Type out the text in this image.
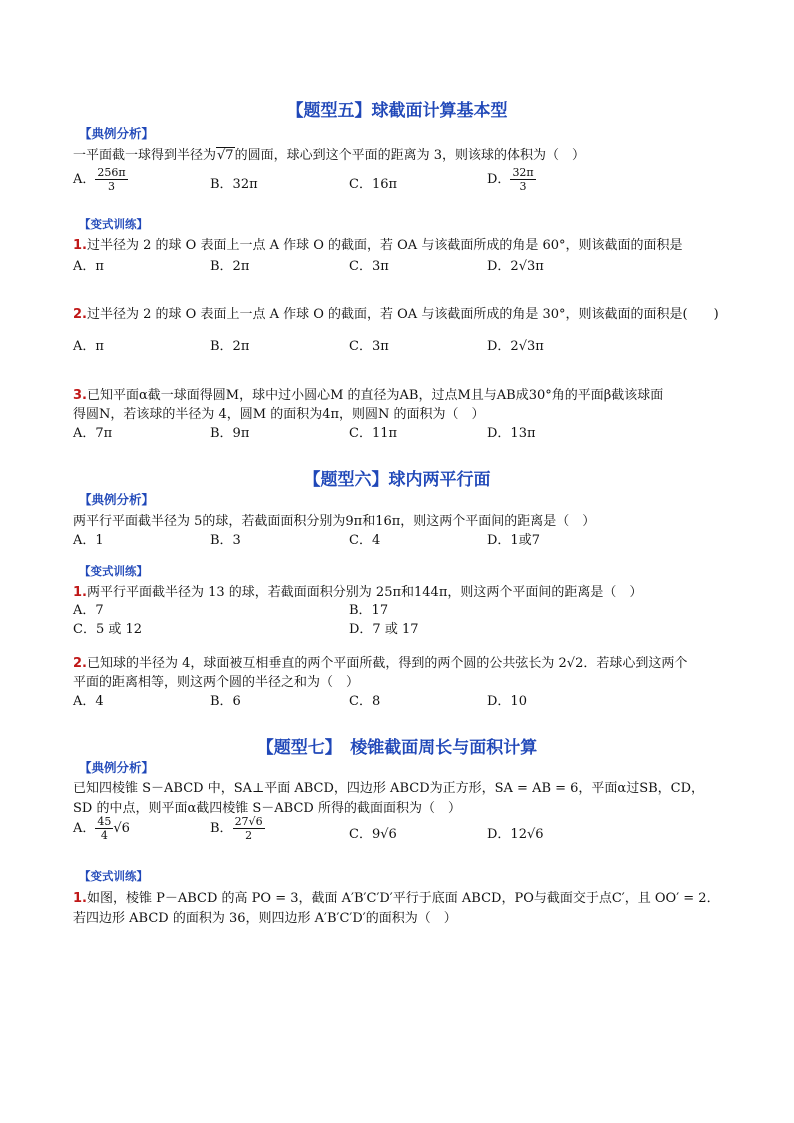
【题型五】球截面计算基本型
【典例分析】
一平面截一球得到半径为√7的圆面，球心到这个平面的距离为 3，则该球的体积为（　）
A． $\frac{256\pi}{3}$	B．32π	C．16π	D． $\frac{32\pi}{3}$
【变式训练】
1.过半径为 2 的球 O 表面上一点 A 作球 O 的截面，若 OA 与该截面所成的角是 60°，则该截面的面积是
A．π	B．2π	C．3π	D．2√3π
2.过半径为 2 的球 O 表面上一点 A 作球 O 的截面，若 OA 与该截面所成的角是 30°，则该截面的面积是(　　)
A．π	B．2π	C．3π	D．2√3π
3.已知平面α截一球面得圆M，球中过小圆心M 的直径为AB，过点M且与AB成30°角的平面β截该球面
得圆N，若该球的半径为 4，圆M 的面积为4π，则圆N 的面积为（　）
A．7π	B．9π	C．11π	D．13π
【题型六】球内两平行面
【典例分析】
两平行平面截半径为 5的球，若截面面积分别为9π和16π，则这两个平面间的距离是（　）
A．1	B．3	C．4	D．1或7
【变式训练】
1.两平行平面截半径为 13 的球，若截面面积分别为 25π和144π，则这两个平面间的距离是（　）
A．7	B．17
C．5 或 12	D．7 或 17
2.已知球的半径为 4，球面被互相垂直的两个平面所截，得到的两个圆的公共弦长为 2√2．若球心到这两个
平面的距离相等，则这两个圆的半径之和为（　）
A．4	B．6	C．8	D．10
【题型七】　棱锥截面周长与面积计算
【典例分析】
已知四棱锥 S－ABCD 中，SA⊥平面 ABCD，四边形 ABCD为正方形，SA = AB = 6，平面α过SB，CD，
SD 的中点，则平面α截四棱锥 S－ABCD 所得的截面面积为（　）
A． $\frac{45}{4} √6$	B． $\frac{27√6}{2}$	C．9√6	D．12√6
【变式训练】
1.如图，棱锥 P－ABCD 的高 PO = 3，截面 A′B′C′D′平行于底面 ABCD，PO与截面交于点C′，且 OO′ = 2．
若四边形 ABCD 的面积为 36，则四边形 A′B′C′D′的面积为（　）
